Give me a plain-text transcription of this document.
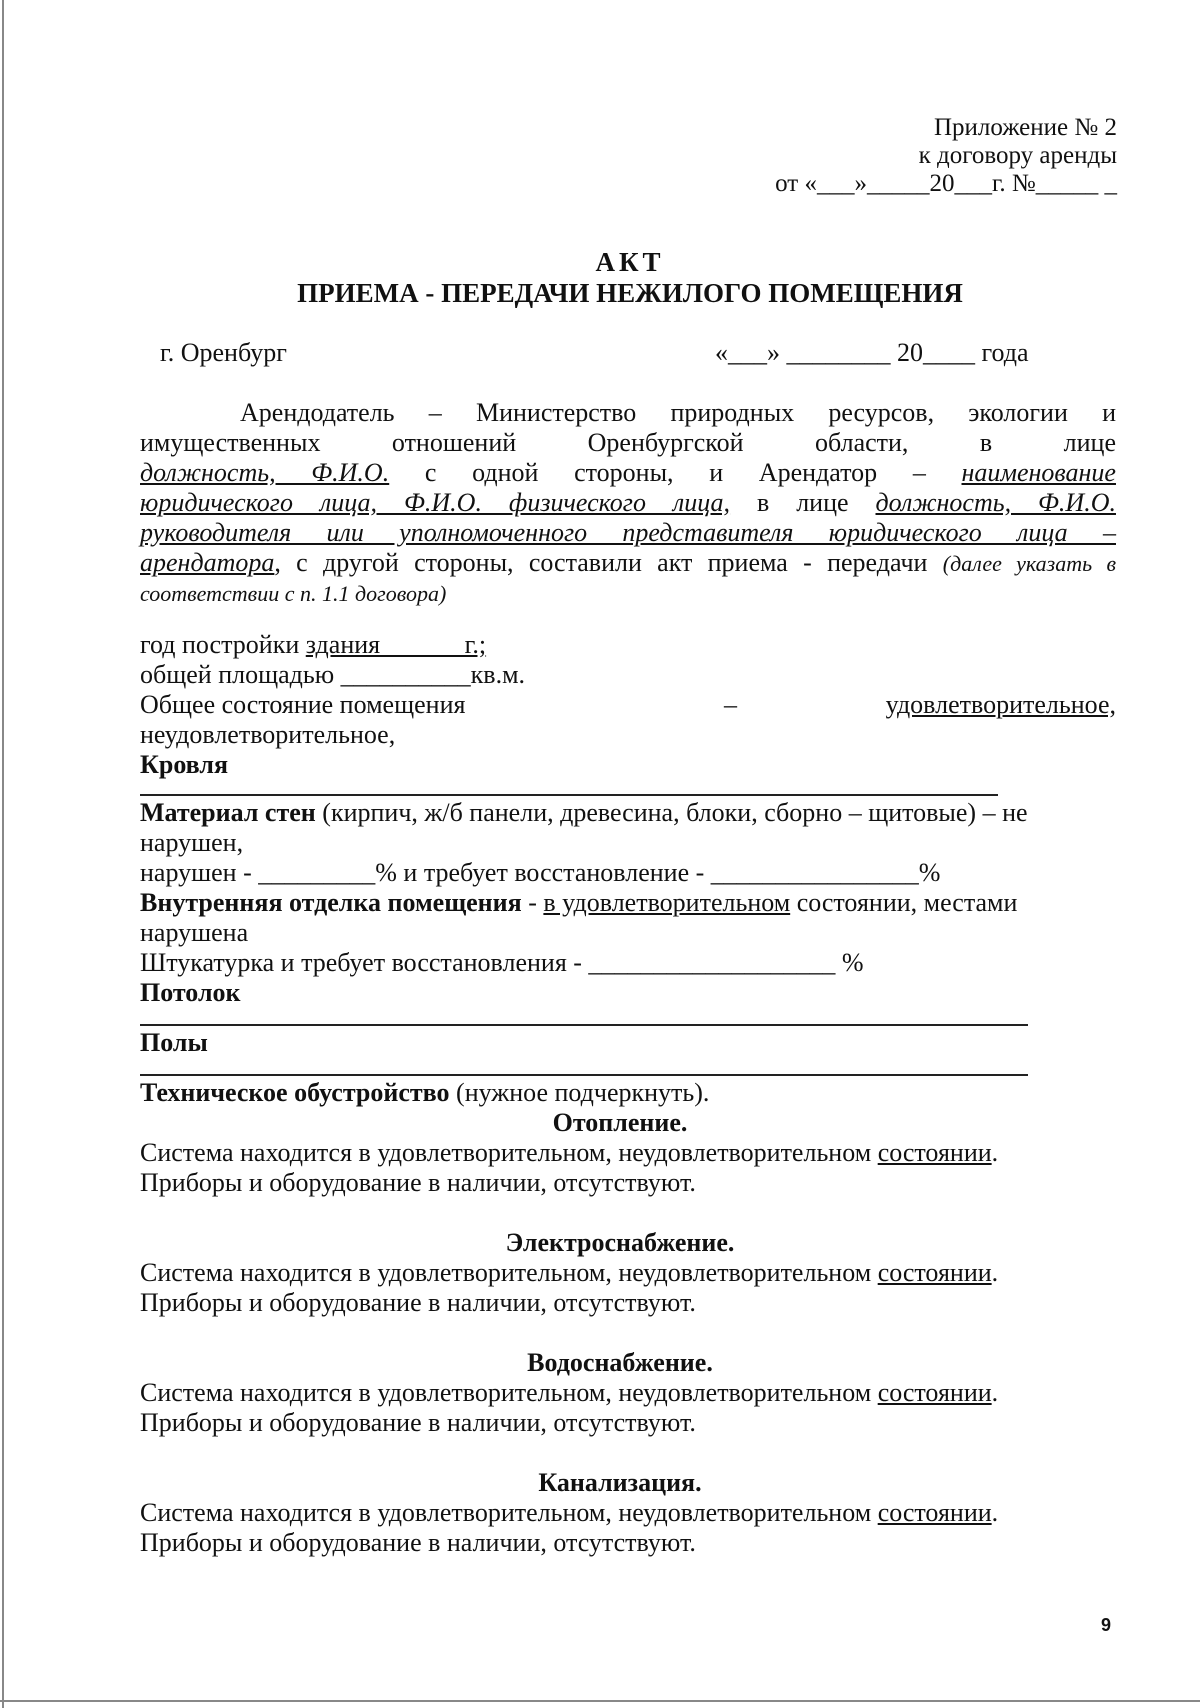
Приложение № 2
к договору аренды
от «___»_____20___г. №_____ _
АКТ
ПРИЕМА - ПЕРЕДАЧИ НЕЖИЛОГО ПОМЕЩЕНИЯ
г. Оренбург	«___» ________ 20____ года
Арендодатель – Министерство природных ресурсов, экологии и
имущественных отношений Оренбургской области, в лице
должность, Ф.И.О. с одной стороны, и Арендатор – наименование
юридического лица, Ф.И.О. физического лица, в лице должность, Ф.И.О.
руководителя или уполномоченного представителя юридического лица –
арендатора, с другой стороны, составили акт приема - передачи (далее указать в
соответствии с п. 1.1 договора)
год постройки здания ______г.;
общей площадью __________кв.м.
Общее состояние помещения	–	удовлетворительное,
неудовлетворительное,
Кровля
Материал стен (кирпич, ж/б панели, древесина, блоки, сборно – щитовые) – не
нарушен,
нарушен - _________% и требует восстановление - ________________%
Внутренняя отделка помещения - в удовлетворительном состоянии, местами
нарушена
Штукатурка и требует восстановления - ___________________ %
Потолок
Полы
Техническое обустройство (нужное подчеркнуть).
Отопление.
Система находится в удовлетворительном, неудовлетворительном состоянии.
Приборы и оборудование в наличии, отсутствуют.
Электроснабжение.
Система находится в удовлетворительном, неудовлетворительном состоянии.
Приборы и оборудование в наличии, отсутствуют.
Водоснабжение.
Система находится в удовлетворительном, неудовлетворительном состоянии.
Приборы и оборудование в наличии, отсутствуют.
Канализация.
Система находится в удовлетворительном, неудовлетворительном состоянии.
Приборы и оборудование в наличии, отсутствуют.
9
